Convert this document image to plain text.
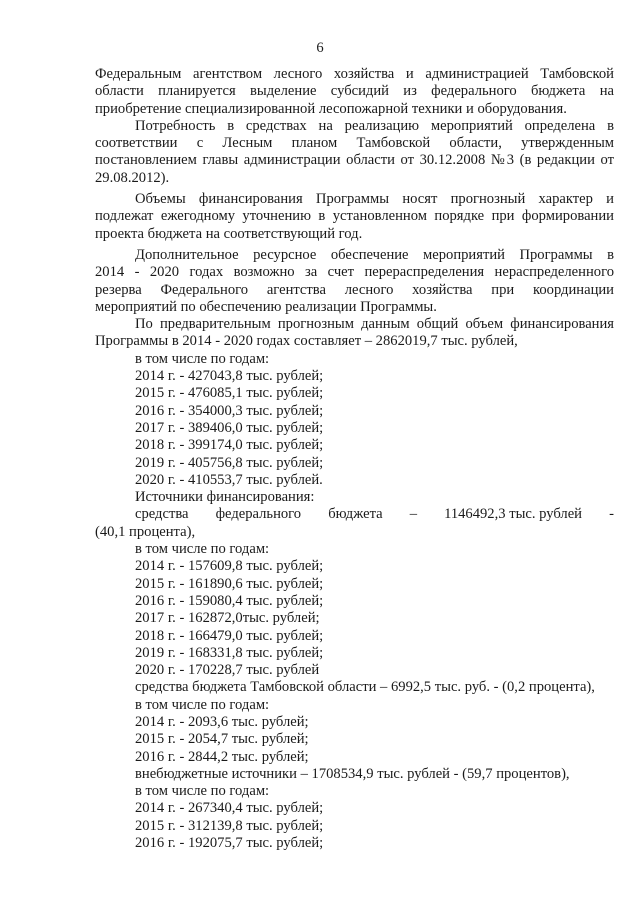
6
Федеральным агентством лесного хозяйства и администрацией Тамбовской
области планируется выделение субсидий из федерального бюджета на
приобретение специализированной лесопожарной техники и оборудования.
Потребность в средствах на реализацию мероприятий определена в
соответствии с Лесным планом Тамбовской области, утвержденным
постановлением главы администрации области от 30.12.2008 №3 (в редакции от
29.08.2012).
Объемы финансирования Программы носят прогнозный характер и
подлежат ежегодному уточнению в установленном порядке при формировании
проекта бюджета на соответствующий год.
Дополнительное ресурсное обеспечение мероприятий Программы в
2014 - 2020 годах возможно за счет перераспределения нераспределенного
резерва Федерального агентства лесного хозяйства при координации
мероприятий по обеспечению реализации Программы.
По предварительным прогнозным данным общий объем финансирования
Программы в 2014 - 2020 годах составляет – 2862019,7 тыс. рублей,
в том числе по годам:
2014 г. - 427043,8 тыс. рублей;
2015 г. - 476085,1 тыс. рублей;
2016 г. - 354000,3 тыс. рублей;
2017 г. - 389406,0 тыс. рублей;
2018 г. - 399174,0 тыс. рублей;
2019 г. - 405756,8 тыс. рублей;
2020 г. - 410553,7 тыс. рублей.
Источники финансирования:
средства федерального бюджета – 1146492,3 тыс. рублей -
(40,1 процента),
в том числе по годам:
2014 г. - 157609,8 тыс. рублей;
2015 г. - 161890,6 тыс. рублей;
2016 г. - 159080,4 тыс. рублей;
2017 г. - 162872,0тыс. рублей;
2018 г. - 166479,0 тыс. рублей;
2019 г. - 168331,8 тыс. рублей;
2020 г. - 170228,7 тыс. рублей
средства бюджета Тамбовской области – 6992,5 тыс. руб. - (0,2 процента),
в том числе по годам:
2014 г. - 2093,6 тыс. рублей;
2015 г. - 2054,7 тыс. рублей;
2016 г. - 2844,2 тыс. рублей;
внебюджетные источники – 1708534,9 тыс. рублей - (59,7 процентов),
в том числе по годам:
2014 г. - 267340,4 тыс. рублей;
2015 г. - 312139,8 тыс. рублей;
2016 г. - 192075,7 тыс. рублей;
